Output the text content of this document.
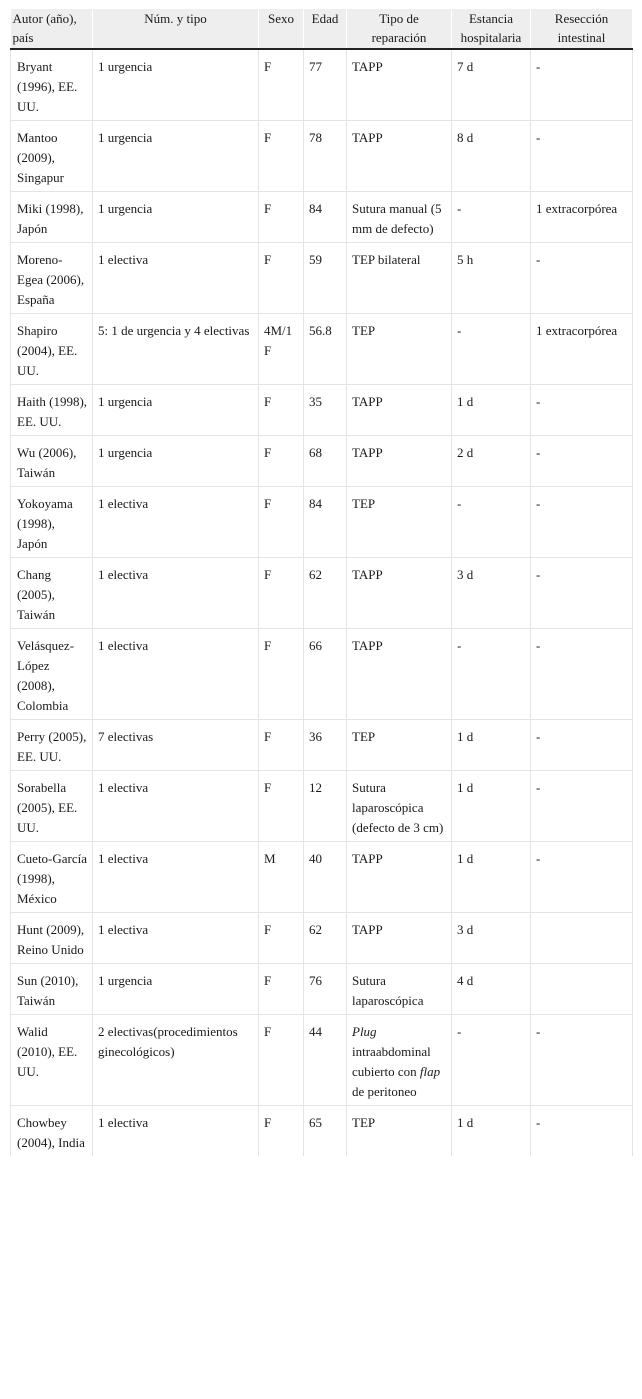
Autor (año), país	Núm. y tipo	Sexo	Edad	Tipo de reparación	Estancia hospitalaria	Resección intestinal
Bryant (1996), EE. UU.	1 urgencia	F	77	TAPP	7 d	-
Mantoo (2009), Singapur	1 urgencia	F	78	TAPP	8 d	-
Miki (1998), Japón	1 urgencia	F	84	Sutura manual (5 mm de defecto)	-	1 extracorpórea
Moreno-Egea (2006), España	1 electiva	F	59	TEP bilateral	5 h	-
Shapiro (2004), EE. UU.	5: 1 de urgencia y 4 electivas	4M/1 F	56.8	TEP	-	1 extracorpórea
Haith (1998), EE. UU.	1 urgencia	F	35	TAPP	1 d	-
Wu (2006), Taiwán	1 urgencia	F	68	TAPP	2 d	-
Yokoyama (1998), Japón	1 electiva	F	84	TEP	-	-
Chang (2005), Taiwán	1 electiva	F	62	TAPP	3 d	-
Velásquez-López (2008), Colombia	1 electiva	F	66	TAPP	-	-
Perry (2005), EE. UU.	7 electivas	F	36	TEP	1 d	-
Sorabella (2005), EE. UU.	1 electiva	F	12	Sutura laparoscópica (defecto de 3 cm)	1 d	-
Cueto-García (1998), México	1 electiva	M	40	TAPP	1 d	-
Hunt (2009), Reino Unido	1 electiva	F	62	TAPP	3 d	
Sun (2010), Taiwán	1 urgencia	F	76	Sutura laparoscópica	4 d	
Walid (2010), EE. UU.	2 electivas(procedimientos ginecológicos)	F	44	Plug intraabdominal cubierto con flap de peritoneo	-	-
Chowbey (2004), India	1 electiva	F	65	TEP	1 d	-
